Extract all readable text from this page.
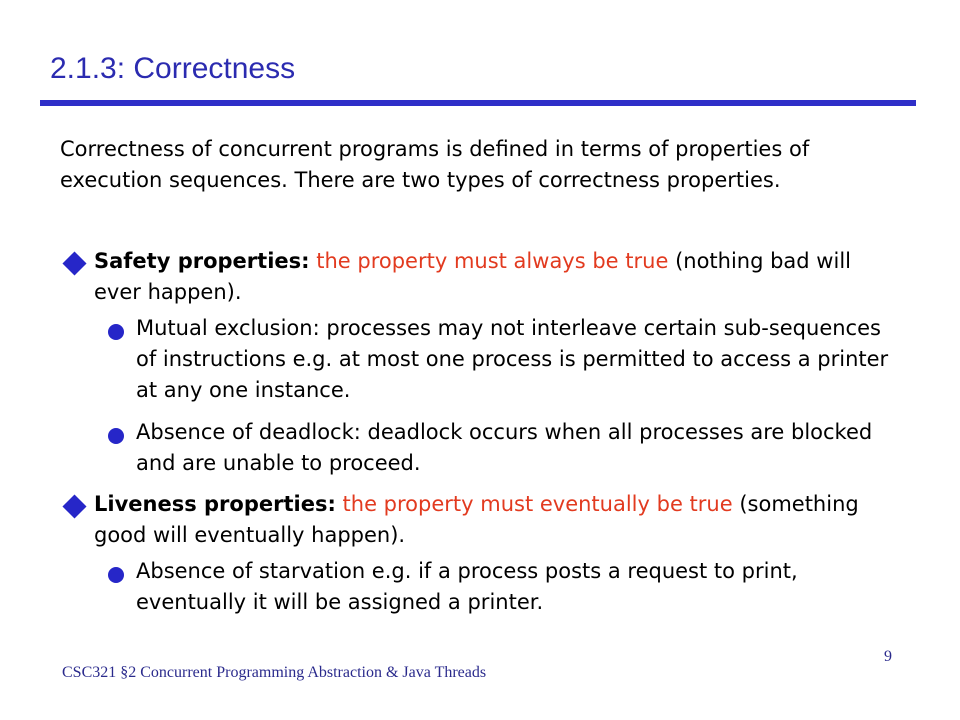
2.1.3: Correctness
Correctness of concurrent programs is defined in terms of properties of execution sequences. There are two types of correctness properties.
Safety properties: the property must always be true (nothing bad will ever happen).
Mutual exclusion: processes may not interleave certain sub-sequences of instructions e.g. at most one process is permitted to access a printer at any one instance.
Absence of deadlock: deadlock occurs when all processes are blocked and are unable to proceed.
Liveness properties: the property must eventually be true (something good will eventually happen).
Absence of starvation e.g. if a process posts a request to print, eventually it will be assigned a printer.
9
CSC321 §2 Concurrent Programming Abstraction & Java Threads
